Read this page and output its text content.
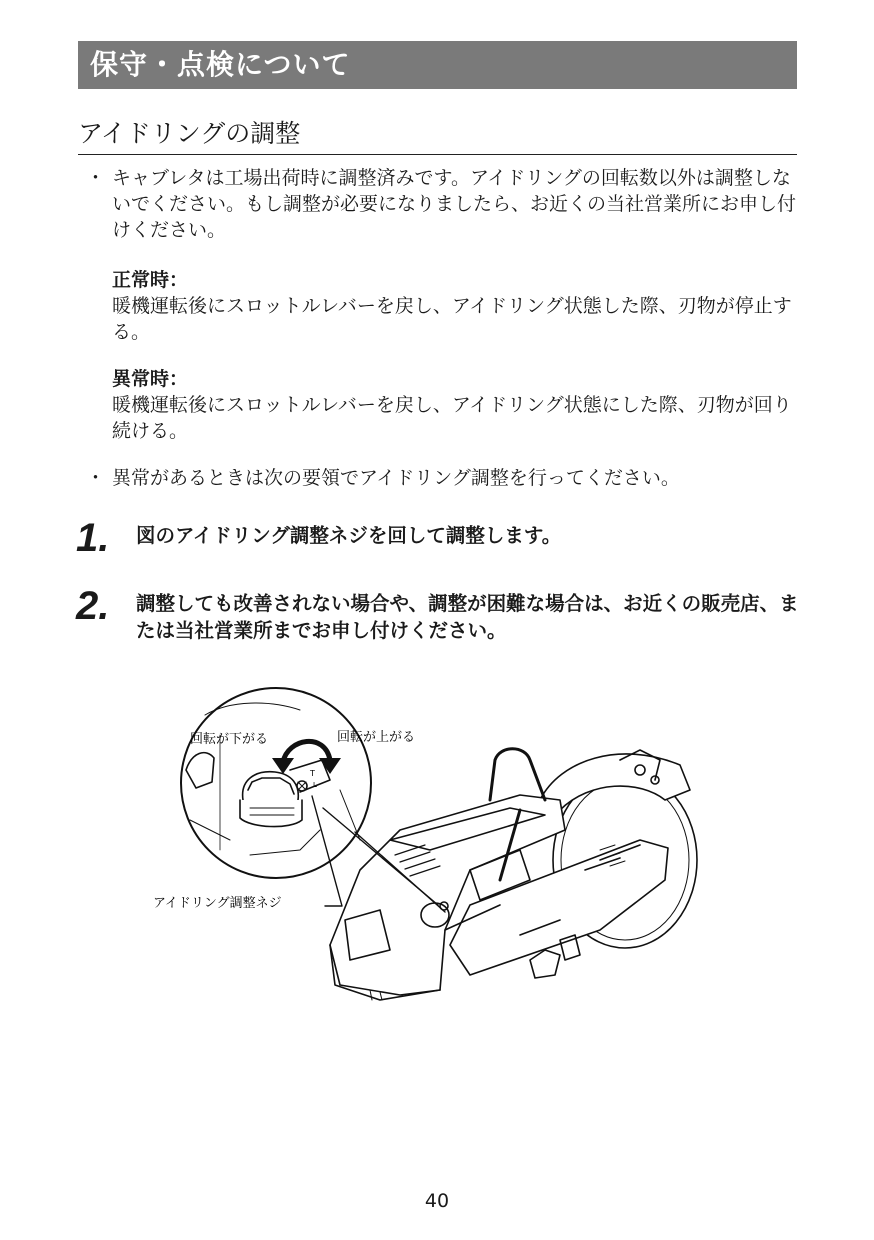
保守・点検について
アイドリングの調整
・ キャブレタは工場出荷時に調整済みです。アイドリングの回転数以外は調整しないでください。もし調整が必要になりましたら、お近くの当社営業所にお申し付けください。
正常時：
暖機運転後にスロットルレバーを戻し、アイドリング状態した際、刃物が停止する。
異常時：
暖機運転後にスロットルレバーを戻し、アイドリング状態にした際、刃物が回り続ける。
・ 異常があるときは次の要領でアイドリング調整を行ってください。
1. 図のアイドリング調整ネジを回して調整します。
2. 調整しても改善されない場合や、調整が困難な場合は、お近くの販売店、または当社営業所までお申し付けください。
回転が下がる	回転が上がる
アイドリング調整ネジ
T
L
40
